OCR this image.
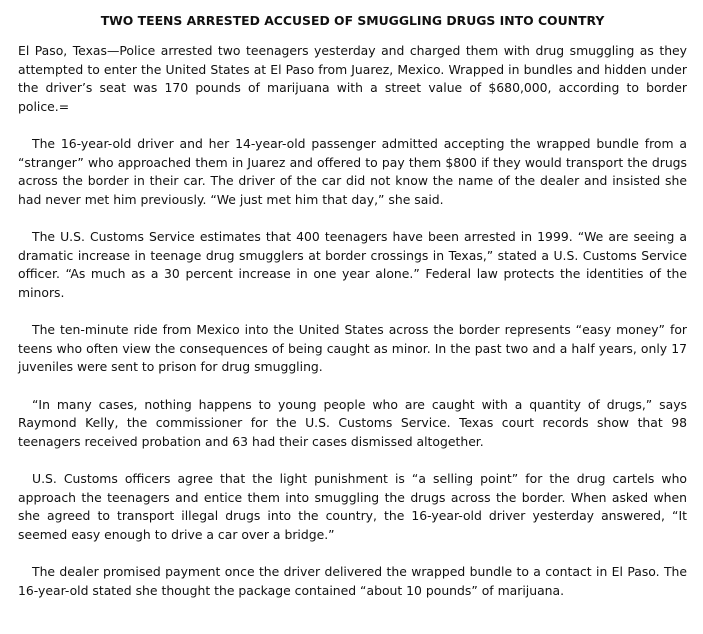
TWO TEENS ARRESTED ACCUSED OF SMUGGLING DRUGS INTO COUNTRY

El Paso, Texas—Police arrested two teenagers yesterday and charged them with drug smuggling as they attempted to enter the United States at El Paso from Juarez, Mexico. Wrapped in bundles and hidden under the driver’s seat was 170 pounds of marijuana with a street value of $680,000, according to border police.=

The 16-year-old driver and her 14-year-old passenger admitted accepting the wrapped bundle from a “stranger” who approached them in Juarez and offered to pay them $800 if they would transport the drugs across the border in their car. The driver of the car did not know the name of the dealer and insisted she had never met him previously. “We just met him that day,” she said.

The U.S. Customs Service estimates that 400 teenagers have been arrested in 1999. “We are seeing a dramatic increase in teenage drug smugglers at border crossings in Texas,” stated a U.S. Customs Service officer. “As much as a 30 percent increase in one year alone.” Federal law protects the identities of the minors.

The ten-minute ride from Mexico into the United States across the border represents “easy money” for teens who often view the consequences of being caught as minor. In the past two and a half years, only 17 juveniles were sent to prison for drug smuggling.

“In many cases, nothing happens to young people who are caught with a quantity of drugs,” says Raymond Kelly, the commissioner for the U.S. Customs Service. Texas court records show that 98 teenagers received probation and 63 had their cases dismissed altogether.

U.S. Customs officers agree that the light punishment is “a selling point” for the drug cartels who approach the teenagers and entice them into smuggling the drugs across the border. When asked when she agreed to transport illegal drugs into the country, the 16-year-old driver yesterday answered, “It seemed easy enough to drive a car over a bridge.”

The dealer promised payment once the driver delivered the wrapped bundle to a contact in El Paso. The 16-year-old stated she thought the package contained “about 10 pounds” of marijuana.
